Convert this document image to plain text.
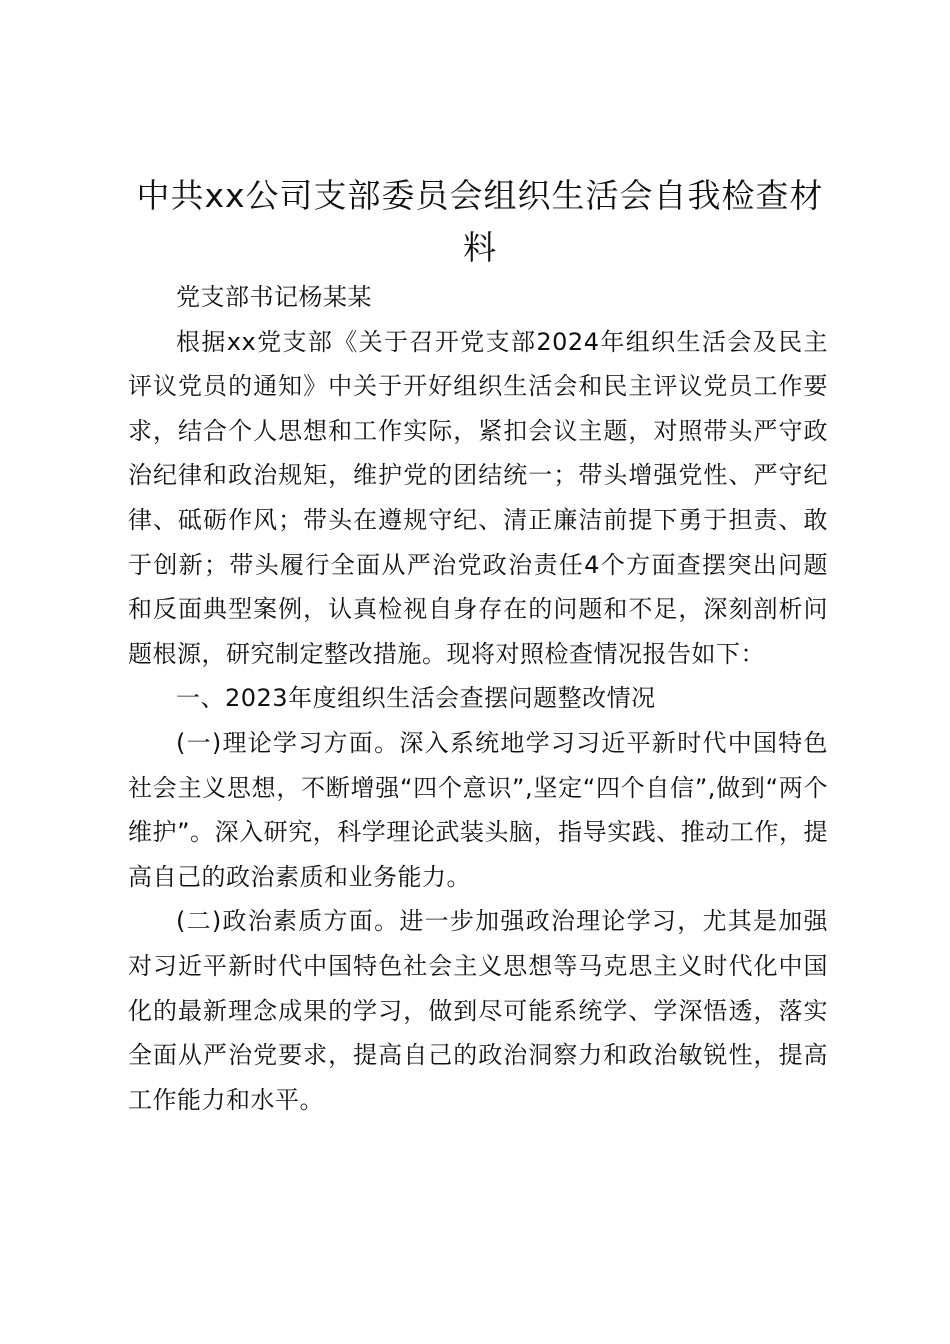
中共xx公司支部委员会组织生活会自我检查材料

党支部书记杨某某

根据xx党支部《关于召开党支部2024年组织生活会及民主评议党员的通知》中关于开好组织生活会和民主评议党员工作要求，结合个人思想和工作实际，紧扣会议主题，对照带头严守政治纪律和政治规矩，维护党的团结统一；带头增强党性、严守纪律、砥砺作风；带头在遵规守纪、清正廉洁前提下勇于担责、敢于创新；带头履行全面从严治党政治责任4个方面查摆突出问题和反面典型案例，认真检视自身存在的问题和不足，深刻剖析问题根源，研究制定整改措施。现将对照检查情况报告如下：

一、2023年度组织生活会查摆问题整改情况

(一)理论学习方面。深入系统地学习习近平新时代中国特色社会主义思想，不断增强“四个意识”,坚定“四个自信”,做到“两个维护”。深入研究，科学理论武装头脑，指导实践、推动工作，提高自己的政治素质和业务能力。

(二)政治素质方面。进一步加强政治理论学习，尤其是加强对习近平新时代中国特色社会主义思想等马克思主义时代化中国化的最新理念成果的学习，做到尽可能系统学、学深悟透，落实全面从严治党要求，提高自己的政治洞察力和政治敏锐性，提高工作能力和水平。
